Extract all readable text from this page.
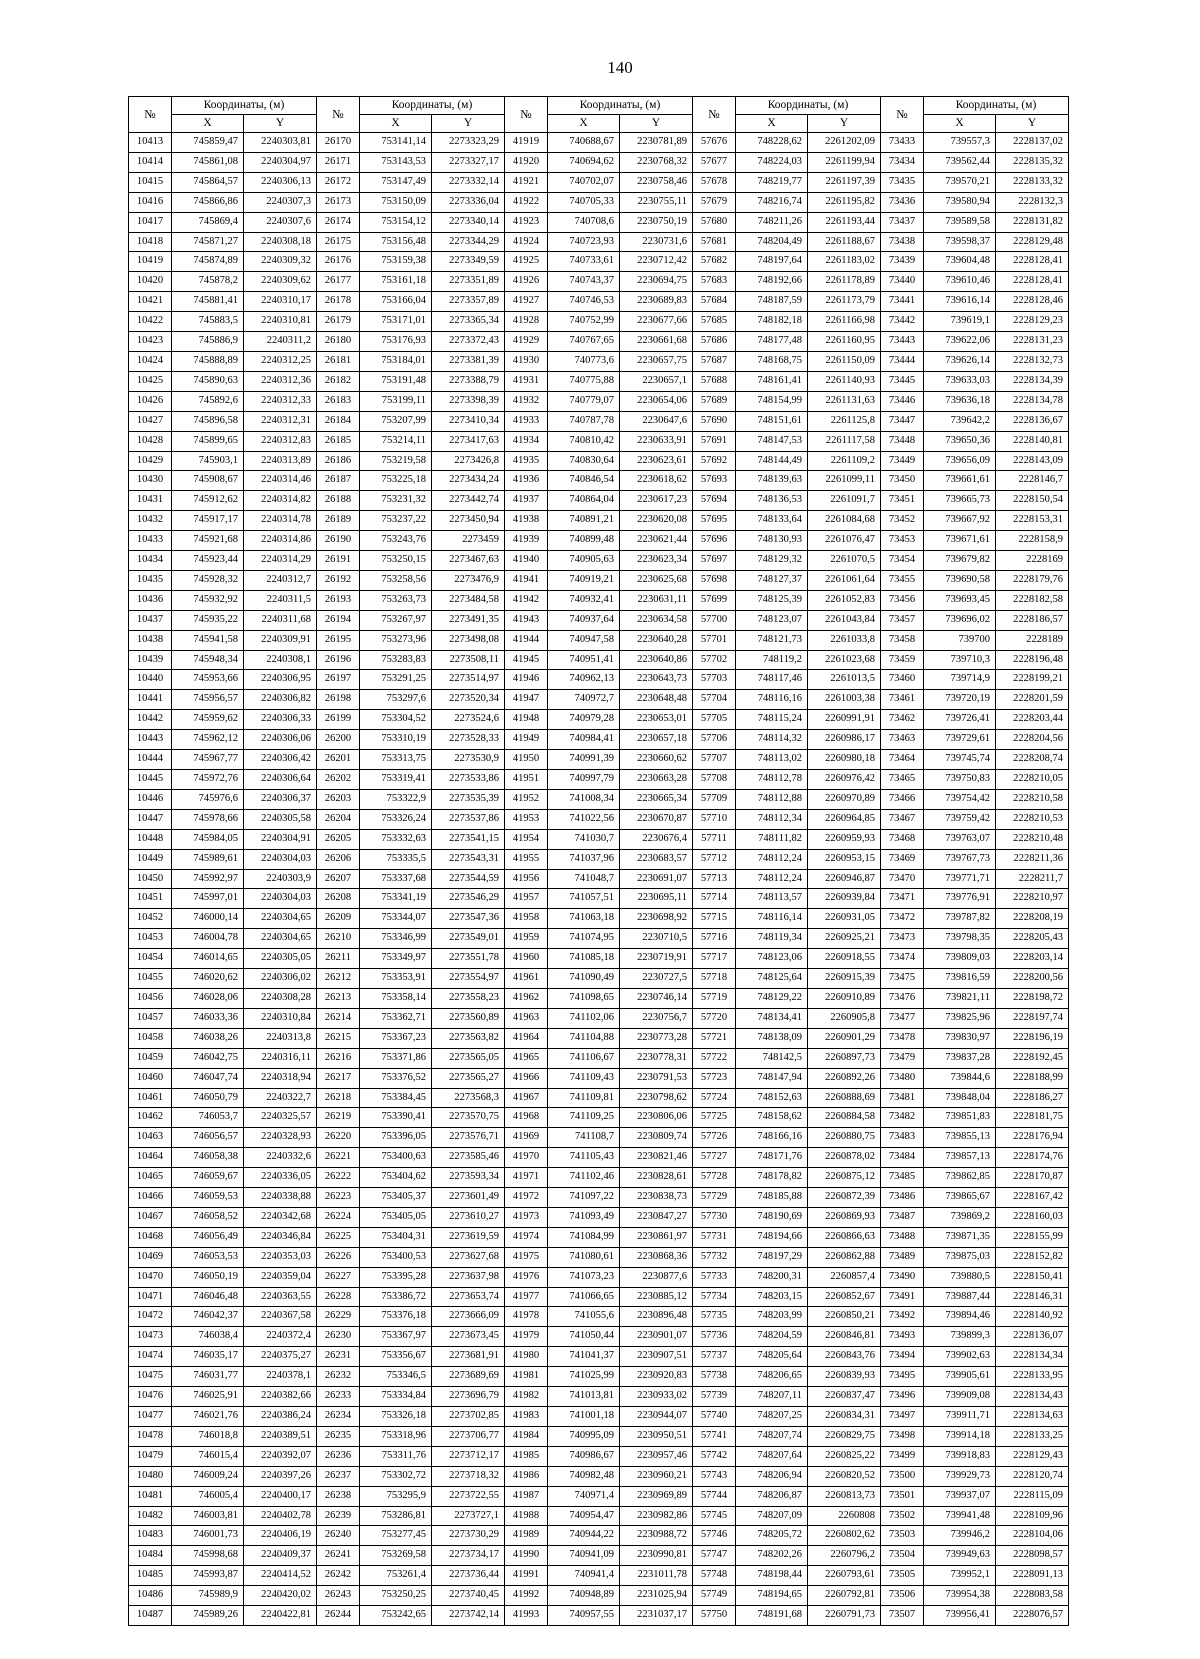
140
№	Координаты, (м)		№	Координаты, (м)		№	Координаты, (м)		№	Координаты, (м)		№	Координаты, (м)	
	X	Y		X	Y		X	Y		X	Y		X	Y
10413	745859,47	2240303,81	26170	753141,14	2273323,29	41919	740688,67	2230781,89	57676	748228,62	2261202,09	73433	739557,3	2228137,02
10414	745861,08	2240304,97	26171	753143,53	2273327,17	41920	740694,62	2230768,32	57677	748224,03	2261199,94	73434	739562,44	2228135,32
10415	745864,57	2240306,13	26172	753147,49	2273332,14	41921	740702,07	2230758,46	57678	748219,77	2261197,39	73435	739570,21	2228133,32
10416	745866,86	2240307,3	26173	753150,09	2273336,04	41922	740705,33	2230755,11	57679	748216,74	2261195,82	73436	739580,94	2228132,3
10417	745869,4	2240307,6	26174	753154,12	2273340,14	41923	740708,6	2230750,19	57680	748211,26	2261193,44	73437	739589,58	2228131,82
10418	745871,27	2240308,18	26175	753156,48	2273344,29	41924	740723,93	2230731,6	57681	748204,49	2261188,67	73438	739598,37	2228129,48
10419	745874,89	2240309,32	26176	753159,38	2273349,59	41925	740733,61	2230712,42	57682	748197,64	2261183,02	73439	739604,48	2228128,41
10420	745878,2	2240309,62	26177	753161,18	2273351,89	41926	740743,37	2230694,75	57683	748192,66	2261178,89	73440	739610,46	2228128,41
10421	745881,41	2240310,17	26178	753166,04	2273357,89	41927	740746,53	2230689,83	57684	748187,59	2261173,79	73441	739616,14	2228128,46
10422	745883,5	2240310,81	26179	753171,01	2273365,34	41928	740752,99	2230677,66	57685	748182,18	2261166,98	73442	739619,1	2228129,23
10423	745886,9	2240311,2	26180	753176,93	2273372,43	41929	740767,65	2230661,68	57686	748177,48	2261160,95	73443	739622,06	2228131,23
10424	745888,89	2240312,25	26181	753184,01	2273381,39	41930	740773,6	2230657,75	57687	748168,75	2261150,09	73444	739626,14	2228132,73
10425	745890,63	2240312,36	26182	753191,48	2273388,79	41931	740775,88	2230657,1	57688	748161,41	2261140,93	73445	739633,03	2228134,39
10426	745892,6	2240312,33	26183	753199,11	2273398,39	41932	740779,07	2230654,06	57689	748154,99	2261131,63	73446	739636,18	2228134,78
10427	745896,58	2240312,31	26184	753207,99	2273410,34	41933	740787,78	2230647,6	57690	748151,61	2261125,8	73447	739642,2	2228136,67
10428	745899,65	2240312,83	26185	753214,11	2273417,63	41934	740810,42	2230633,91	57691	748147,53	2261117,58	73448	739650,36	2228140,81
10429	745903,1	2240313,89	26186	753219,58	2273426,8	41935	740830,64	2230623,61	57692	748144,49	2261109,2	73449	739656,09	2228143,09
10430	745908,67	2240314,46	26187	753225,18	2273434,24	41936	740846,54	2230618,62	57693	748139,63	2261099,11	73450	739661,61	2228146,7
10431	745912,62	2240314,82	26188	753231,32	2273442,74	41937	740864,04	2230617,23	57694	748136,53	2261091,7	73451	739665,73	2228150,54
10432	745917,17	2240314,78	26189	753237,22	2273450,94	41938	740891,21	2230620,08	57695	748133,64	2261084,68	73452	739667,92	2228153,31
10433	745921,68	2240314,86	26190	753243,76	2273459	41939	740899,48	2230621,44	57696	748130,93	2261076,47	73453	739671,61	2228158,9
10434	745923,44	2240314,29	26191	753250,15	2273467,63	41940	740905,63	2230623,34	57697	748129,32	2261070,5	73454	739679,82	2228169
10435	745928,32	2240312,7	26192	753258,56	2273476,9	41941	740919,21	2230625,68	57698	748127,37	2261061,64	73455	739690,58	2228179,76
10436	745932,92	2240311,5	26193	753263,73	2273484,58	41942	740932,41	2230631,11	57699	748125,39	2261052,83	73456	739693,45	2228182,58
10437	745935,22	2240311,68	26194	753267,97	2273491,35	41943	740937,64	2230634,58	57700	748123,07	2261043,84	73457	739696,02	2228186,57
10438	745941,58	2240309,91	26195	753273,96	2273498,08	41944	740947,58	2230640,28	57701	748121,73	2261033,8	73458	739700	2228189
10439	745948,34	2240308,1	26196	753283,83	2273508,11	41945	740951,41	2230640,86	57702	748119,2	2261023,68	73459	739710,3	2228196,48
10440	745953,66	2240306,95	26197	753291,25	2273514,97	41946	740962,13	2230643,73	57703	748117,46	2261013,5	73460	739714,9	2228199,21
10441	745956,57	2240306,82	26198	753297,6	2273520,34	41947	740972,7	2230648,48	57704	748116,16	2261003,38	73461	739720,19	2228201,59
10442	745959,62	2240306,33	26199	753304,52	2273524,6	41948	740979,28	2230653,01	57705	748115,24	2260991,91	73462	739726,41	2228203,44
10443	745962,12	2240306,06	26200	753310,19	2273528,33	41949	740984,41	2230657,18	57706	748114,32	2260986,17	73463	739729,61	2228204,56
10444	745967,77	2240306,42	26201	753313,75	2273530,9	41950	740991,39	2230660,62	57707	748113,02	2260980,18	73464	739745,74	2228208,74
10445	745972,76	2240306,64	26202	753319,41	2273533,86	41951	740997,79	2230663,28	57708	748112,78	2260976,42	73465	739750,83	2228210,05
10446	745976,6	2240306,37	26203	753322,9	2273535,39	41952	741008,34	2230665,34	57709	748112,88	2260970,89	73466	739754,42	2228210,58
10447	745978,66	2240305,58	26204	753326,24	2273537,86	41953	741022,56	2230670,87	57710	748112,34	2260964,85	73467	739759,42	2228210,53
10448	745984,05	2240304,91	26205	753332,63	2273541,15	41954	741030,7	2230676,4	57711	748111,82	2260959,93	73468	739763,07	2228210,48
10449	745989,61	2240304,03	26206	753335,5	2273543,31	41955	741037,96	2230683,57	57712	748112,24	2260953,15	73469	739767,73	2228211,36
10450	745992,97	2240303,9	26207	753337,68	2273544,59	41956	741048,7	2230691,07	57713	748112,24	2260946,87	73470	739771,71	2228211,7
10451	745997,01	2240304,03	26208	753341,19	2273546,29	41957	741057,51	2230695,11	57714	748113,57	2260939,84	73471	739776,91	2228210,97
10452	746000,14	2240304,65	26209	753344,07	2273547,36	41958	741063,18	2230698,92	57715	748116,14	2260931,05	73472	739787,82	2228208,19
10453	746004,78	2240304,65	26210	753346,99	2273549,01	41959	741074,95	2230710,5	57716	748119,34	2260925,21	73473	739798,35	2228205,43
10454	746014,65	2240305,05	26211	753349,97	2273551,78	41960	741085,18	2230719,91	57717	748123,06	2260918,55	73474	739809,03	2228203,14
10455	746020,62	2240306,02	26212	753353,91	2273554,97	41961	741090,49	2230727,5	57718	748125,64	2260915,39	73475	739816,59	2228200,56
10456	746028,06	2240308,28	26213	753358,14	2273558,23	41962	741098,65	2230746,14	57719	748129,22	2260910,89	73476	739821,11	2228198,72
10457	746033,36	2240310,84	26214	753362,71	2273560,89	41963	741102,06	2230756,7	57720	748134,41	2260905,8	73477	739825,96	2228197,74
10458	746038,26	2240313,8	26215	753367,23	2273563,82	41964	741104,88	2230773,28	57721	748138,09	2260901,29	73478	739830,97	2228196,19
10459	746042,75	2240316,11	26216	753371,86	2273565,05	41965	741106,67	2230778,31	57722	748142,5	2260897,73	73479	739837,28	2228192,45
10460	746047,74	2240318,94	26217	753376,52	2273565,27	41966	741109,43	2230791,53	57723	748147,94	2260892,26	73480	739844,6	2228188,99
10461	746050,79	2240322,7	26218	753384,45	2273568,3	41967	741109,81	2230798,62	57724	748152,63	2260888,69	73481	739848,04	2228186,27
10462	746053,7	2240325,57	26219	753390,41	2273570,75	41968	741109,25	2230806,06	57725	748158,62	2260884,58	73482	739851,83	2228181,75
10463	746056,57	2240328,93	26220	753396,05	2273576,71	41969	741108,7	2230809,74	57726	748166,16	2260880,75	73483	739855,13	2228176,94
10464	746058,38	2240332,6	26221	753400,63	2273585,46	41970	741105,43	2230821,46	57727	748171,76	2260878,02	73484	739857,13	2228174,76
10465	746059,67	2240336,05	26222	753404,62	2273593,34	41971	741102,46	2230828,61	57728	748178,82	2260875,12	73485	739862,85	2228170,87
10466	746059,53	2240338,88	26223	753405,37	2273601,49	41972	741097,22	2230838,73	57729	748185,88	2260872,39	73486	739865,67	2228167,42
10467	746058,52	2240342,68	26224	753405,05	2273610,27	41973	741093,49	2230847,27	57730	748190,69	2260869,93	73487	739869,2	2228160,03
10468	746056,49	2240346,84	26225	753404,31	2273619,59	41974	741084,99	2230861,97	57731	748194,66	2260866,63	73488	739871,35	2228155,99
10469	746053,53	2240353,03	26226	753400,53	2273627,68	41975	741080,61	2230868,36	57732	748197,29	2260862,88	73489	739875,03	2228152,82
10470	746050,19	2240359,04	26227	753395,28	2273637,98	41976	741073,23	2230877,6	57733	748200,31	2260857,4	73490	739880,5	2228150,41
10471	746046,48	2240363,55	26228	753386,72	2273653,74	41977	741066,65	2230885,12	57734	748203,15	2260852,67	73491	739887,44	2228146,31
10472	746042,37	2240367,58	26229	753376,18	2273666,09	41978	741055,6	2230896,48	57735	748203,99	2260850,21	73492	739894,46	2228140,92
10473	746038,4	2240372,4	26230	753367,97	2273673,45	41979	741050,44	2230901,07	57736	748204,59	2260846,81	73493	739899,3	2228136,07
10474	746035,17	2240375,27	26231	753356,67	2273681,91	41980	741041,37	2230907,51	57737	748205,64	2260843,76	73494	739902,63	2228134,34
10475	746031,77	2240378,1	26232	753346,5	2273689,69	41981	741025,99	2230920,83	57738	748206,65	2260839,93	73495	739905,61	2228133,95
10476	746025,91	2240382,66	26233	753334,84	2273696,79	41982	741013,81	2230933,02	57739	748207,11	2260837,47	73496	739909,08	2228134,43
10477	746021,76	2240386,24	26234	753326,18	2273702,85	41983	741001,18	2230944,07	57740	748207,25	2260834,31	73497	739911,71	2228134,63
10478	746018,8	2240389,51	26235	753318,96	2273706,77	41984	740995,09	2230950,51	57741	748207,74	2260829,75	73498	739914,18	2228133,25
10479	746015,4	2240392,07	26236	753311,76	2273712,17	41985	740986,67	2230957,46	57742	748207,64	2260825,22	73499	739918,83	2228129,43
10480	746009,24	2240397,26	26237	753302,72	2273718,32	41986	740982,48	2230960,21	57743	748206,94	2260820,52	73500	739929,73	2228120,74
10481	746005,4	2240400,17	26238	753295,9	2273722,55	41987	740971,4	2230969,89	57744	748206,87	2260813,73	73501	739937,07	2228115,09
10482	746003,81	2240402,78	26239	753286,81	2273727,1	41988	740954,47	2230982,86	57745	748207,09	2260808	73502	739941,48	2228109,96
10483	746001,73	2240406,19	26240	753277,45	2273730,29	41989	740944,22	2230988,72	57746	748205,72	2260802,62	73503	739946,2	2228104,06
10484	745998,68	2240409,37	26241	753269,58	2273734,17	41990	740941,09	2230990,81	57747	748202,26	2260796,2	73504	739949,63	2228098,57
10485	745993,87	2240414,52	26242	753261,4	2273736,44	41991	740941,4	2231011,78	57748	748198,44	2260793,61	73505	739952,1	2228091,13
10486	745989,9	2240420,02	26243	753250,25	2273740,45	41992	740948,89	2231025,94	57749	748194,65	2260792,81	73506	739954,38	2228083,58
10487	745989,26	2240422,81	26244	753242,65	2273742,14	41993	740957,55	2231037,17	57750	748191,68	2260791,73	73507	739956,41	2228076,57
